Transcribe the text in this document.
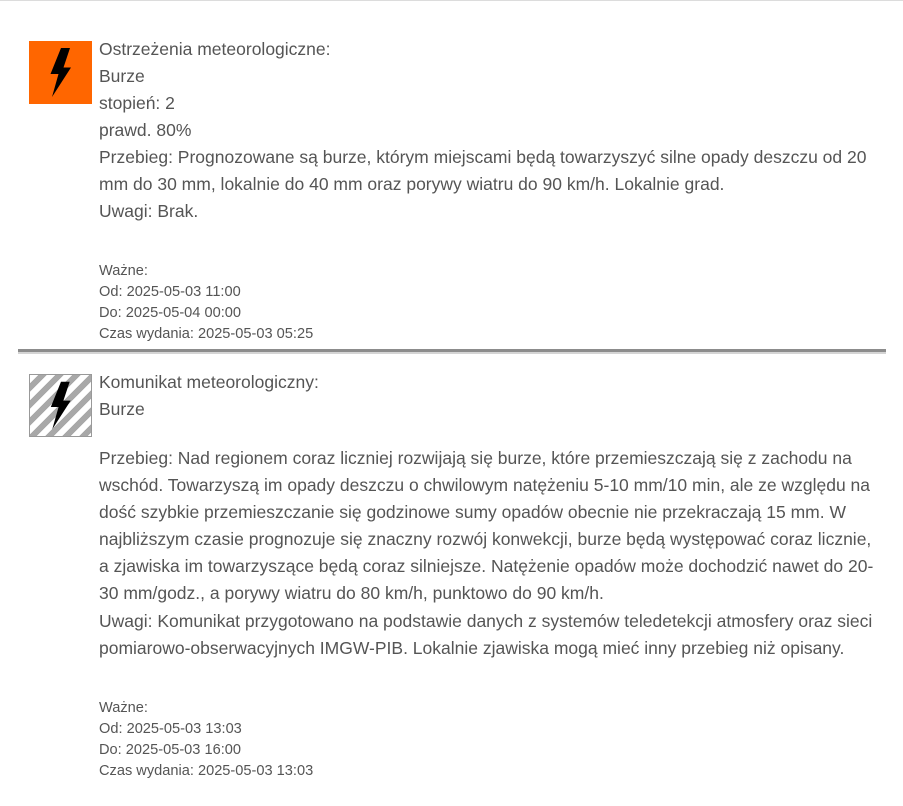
Ostrzeżenia meteorologiczne:
Burze
stopień: 2
prawd. 80%
Przebieg: Prognozowane są burze, którym miejscami będą towarzyszyć silne opady deszczu od 20 mm do 30 mm, lokalnie do 40 mm oraz porywy wiatru do 90 km/h. Lokalnie grad.
Uwagi: Brak.
Ważne:
Od: 2025-05-03 11:00
Do: 2025-05-04 00:00
Czas wydania: 2025-05-03 05:25
Komunikat meteorologiczny:
Burze
Przebieg: Nad regionem coraz liczniej rozwijają się burze, które przemieszczają się z zachodu na wschód. Towarzyszą im opady deszczu o chwilowym natężeniu 5-10 mm/10 min, ale ze względu na dość szybkie przemieszczanie się godzinowe sumy opadów obecnie nie przekraczają 15 mm. W najbliższym czasie prognozuje się znaczny rozwój konwekcji, burze będą występować coraz licznie, a zjawiska im towarzyszące będą coraz silniejsze. Natężenie opadów może dochodzić nawet do 20-30 mm/godz., a porywy wiatru do 80 km/h, punktowo do 90 km/h.
Uwagi: Komunikat przygotowano na podstawie danych z systemów teledetekcji atmosfery oraz sieci pomiarowo-obserwacyjnych IMGW-PIB. Lokalnie zjawiska mogą mieć inny przebieg niż opisany.
Ważne:
Od: 2025-05-03 13:03
Do: 2025-05-03 16:00
Czas wydania: 2025-05-03 13:03
